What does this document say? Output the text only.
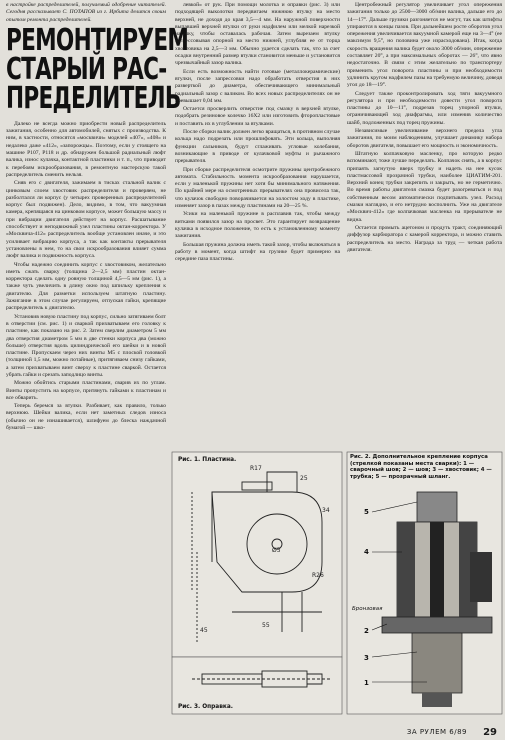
в настройке распределителей, получаемый одобрение читателей. Сегодня рассказывает С. ПОТАПОВ из г. Ирбита делится своим опытом ремонта распределителей.

РЕМОНТИРУЕМ
СТАРЫЙ РАС-
ПРЕДЕЛИТЕЛЬ

Далеко не всегда можно приобрести новый распределитель зажигания, особенно для автомобилей, снятых с производства. К ним, в частности, относятся «москвичи» моделей «407», «408» и недалеко даже «412», «запорожцы». Поэтому, если у стоящего на машине Р107, Р118 и др. обнаружен большой радиальный люфт валика, износ кулачка, контактной пластинки и т. п., что приводит к перебоям искрообразования, в ремонтную мастерскую такой распределитель сменить нельзя.

Сняв его с двигателя, зажимаем в тисках стальной валик с цинковым слоем хвостовик распределителя и проверяем, не разболтался ли корпус (у четырех проверенных распределителей корпус был подвижен). Дело, видимо, в том, что вакуумная камера, крепящаяся на цинковом корпусе, может большую массу и при вибрации двигателя действует на корпус. Расшатывание способствует и неподвижный узел пластины октан-корректора. У «Москвича-412» распределитель вообще установлен иначе, и это усиливает вибрацию корпуса, а так как контакты прерывателя установлены в нем, то на свои искрообразования влияет сумма люфт валика и подвижность корпуса.

Чтобы надежно соединить корпус с хвостовиком, желательно иметь сжать сварку (толщина 2—2,5 мм) пластин октан-корректора сделать одну ровную толщиной 4,5—5 мм (рис. 1), а также чуть увеличить в длину окно под шпильку крепления к двигателю. Для разметки используем штатную пластину. Зажигание в этом случае регулируем, отпуская гайки, крепящие распределитель к двигателю.

Установив новую пластину под корпус, сильно затягиваем болт в отверстии (см. рис. 1) и сваркой прихватываем его головку к пластине, как показано на рис. 2. Затем сверлим диаметром 5 мм два отверстия диаметром 5 мм в две стенки корпуса два (можно больше) отверстия вдоль цилиндрической его шейки и в новой пластине. Пропускаем через них винты М5 с плоской головкой (толщиной 1,5 мм, можно потайные), притягиваем снизу гайками, а затем прихватываем винт сверху к пластине сваркой. Остается убрать гайки и срезать заподлицо винты.

Можно обойтись старыми пластинами, сварив их по углам. Винты пропустить на корпусе, притянуть гайками к пластинам и все обварить.

Теперь беремся за втулки. Разбивает, как правило, только верхнюю. Шейки валика, если нет заметных следов износа (обычно он не изнашивается), шлифуем до блеска наждачной бумагой — шко-

левкой» от рук. При помощи молотка и оправки (рис. 3) или подходящей выколотки передвигаем нижнюю втулку на место верхней, не доходя до края 3,5—4 мм. На наружной поверхности выпавшей верхней втулки от руки надфилем или мелкой нарезкой насечку, чтобы оставалась рабочая. Затем вырезаем втулку запрессовывая опорной на место нижней, углубляя ее от торца хвостовика на 2,5—3 мм. Обычно удается сделать так, что за счет осадки внутренний размер втулки становится меньше и установится чрезвычайный зазор валика.

Если есть возможность найти готовые (металлокерамические) втулки, после запрессовки надо обработать отверстия в них разверткой до диаметра, обеспечивающего минимальный радиальный зазор с валиком. Во всех новых распределителях он не превышает 0,04 мм.

Остается просверлить отверстие под смазку в верхней втулке, подобрать резиновое колечко 16Х2 или изготовить фторопластовые и поставить их в углублении за втулками.

После сборки валик должен легко вращаться, в противном случае кольца надо подрезать или прошлифовать. Эти кольца, выполняя функции сальников, будут сглаживать угловые колебания, возникающие в приводе от кулачковой муфты и рычажного прерывателя.

При сборке распределителя осмотрите пружины центробежного автомата. Стабильность момента искрообразования нарушается, если у маленькой пружины нет хотя бы минимального натяжения. По крайней мере на осмотренных прерывателях она провисела так, что кулачок свободно поворачивается на холостом ходу в пластике, изменяет зазор в пазах между пластинами на 20—25 %.

Усики на маленькой пружине в расплавив так, чтобы между витками появился зазор на просвет. Это гарантирует возвращение кулачка в исходное положение, то есть к установленному моменту зажигания.

Большая пружина должна иметь такой зазор, чтобы включаться в работу в момент, когда штифт на грузике будет примерно на середине паза пластины.

Центробежный регулятор увеличивает угол опережения зажигания только до 2500—3000 об/мин валика, дальше его до 14—17°. Дальше грузики разгоняется не могут, так как штифты упираются в концы пазов. При дальнейшем росте оборотов угол опережения увеличивается вакуумной камерой еще на 3—4° (ее максимум 9,5°, но половина уже израсходована). Итак, когда скорость вращения валика будет около 3000 об/мин, опережение составляет 20°, а при максимальных оборотах — 26°, что явно недостаточно. В связи с этим желательно по транспортеру применить угол поворота пластины и при необходимости удлинить кругом надфилем пазы на требуемую величину, доведя угол до 18—19°.

Следует также проконтролировать ход тяги вакуумного регулятора и при необходимости довести угол поворота пластины до 10—11°, подрезав торец упорной втулки, ограничивающей ход диафрагмы, или изменив количество шайб, подложенных под торец пружины.

Независимые увеличивание верхнего предела угла зажигания, по моим наблюдениям, улучшает динамику набора оборотов двигателя, повышает его мощность и экономичность.

Штатную колпачковую масленку, про которую редко вспоминают, тоже лучше переделать. Колпачок снять, а в корпус припаять загнутую вверх трубку и надеть на нее кусок пластмассовой прозрачной трубки, наиболее ЦИАТИМ-201. Верхний конец трубки закрепить и закрыть, но не герметично. Во время работы двигателя смазка будет разогреваться и под собственным весом автоматически подпитывать узел. Расход смазки наглядно, и его нетрудно восполнить. Уже на двигателе «Москвич-412» где колпачковая масленка на прерывателе не видна.

Остается промыть ацетоном и продуть тракт, соединяющий диффузор карбюратора с камерой корректора, и можно ставить распределитель на место. Награда за труд — четкая работа двигателя.

R17
25
34
Ø5
R26
55
45
Рис. 1. Пластина.
Рис. 3. Оправка.
Рис. 2. Дополнительное крепление корпуса (стрелкой показаны места сварки): 1 — сварочный шов; 2 — шов; 3 — хвостовик; 4 — трубка; 5 — прозрачный шланг.
5
4
2
3
1
Бронзовая
ЗА РУЛЕМ 6/89 29
